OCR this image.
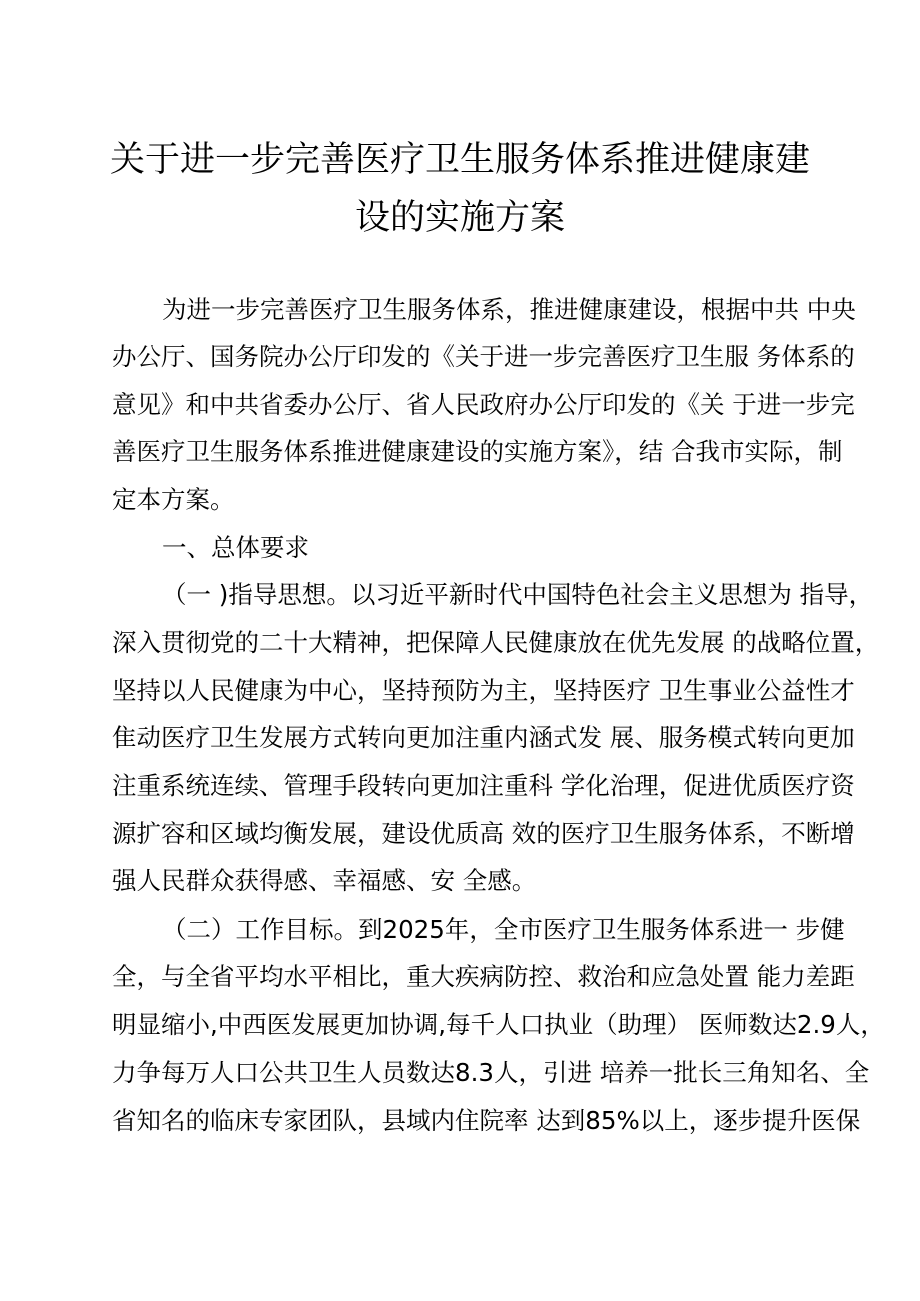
关于进一步完善医疗卫生服务体系推进健康建
设的实施方案
为进一步完善医疗卫生服务体系，推进健康建设，根据中共 中央
办公厅、国务院办公厅印发的《关于进一步完善医疗卫生服 务体系的
意见》和中共省委办公厅、省人民政府办公厅印发的《关 于进一步完
善医疗卫生服务体系推进健康建设的实施方案》，结 合我市实际，制
定本方案。
一、总体要求
（一 )指导思想。以习近平新时代中国特色社会主义思想为 指导，
深入贯彻党的二十大精神，把保障人民健康放在优先发展 的战略位置，
坚持以人民健康为中心，坚持预防为主，坚持医疗 卫生事业公益性才
隹动医疗卫生发展方式转向更加注重内涵式发 展、服务模式转向更加
注重系统连续、管理手段转向更加注重科 学化治理，促进优质医疗资
源扩容和区域均衡发展，建设优质高 效的医疗卫生服务体系，不断增
强人民群众获得感、幸福感、安 全感。
（二）工作目标。到2025年，全市医疗卫生服务体系进一 步健
全，与全省平均水平相比，重大疾病防控、救治和应急处置 能力差距
明显缩小,中西医发展更加协调,每千人口执业（助理） 医师数达2.9人，
力争每万人口公共卫生人员数达8.3人，引进 培养一批长三角知名、全
省知名的临床专家团队，县域内住院率 达到85%以上，逐步提升医保
